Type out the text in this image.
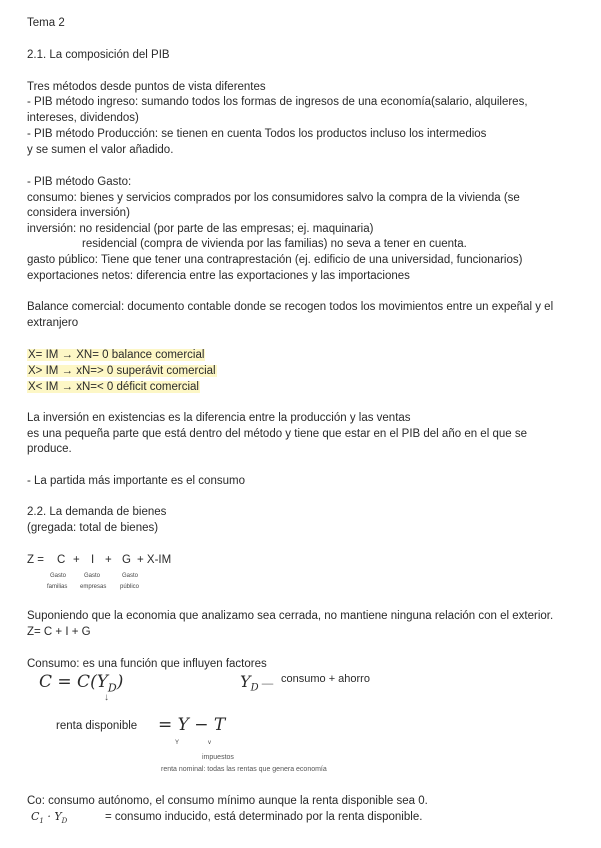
Tema 2
2.1. La composición del PIB
Tres métodos desde puntos de vista diferentes
- PIB método ingreso: sumando todos los formas de ingresos de una economía(salario, alquileres,
intereses, dividendos)
- PIB método Producción: se tienen en cuenta Todos los productos incluso los intermedios
y se sumen el valor añadido.
- PIB método Gasto:
consumo: bienes y servicios comprados por los consumidores salvo la compra de la vivienda (se
considera inversión)
inversión: no residencial (por parte de las empresas; ej. maquinaria)
residencial (compra de vivienda por las familias) no seva a tener en cuenta.
gasto público: Tiene que tener una contraprestación (ej. edificio de una universidad, funcionarios)
exportaciones netos: diferencia entre las exportaciones y las importaciones
Balance comercial: documento contable donde se recogen todos los movimientos entre un expeñal y el
extranjero
X= IM → XN= 0 balance comercial
X> IM → xN=> 0 superávit comercial
X< IM → xN=< 0 déficit comercial
La inversión en existencias es la diferencia entre la producción y las ventas
es una pequeña parte que está dentro del método y tiene que estar en el PIB del año en el que se
produce.
- La partida más importante es el consumo
2.2. La demanda de bienes
(gregada: total de bienes)
Z = C + I + G + X-IM
Gasto
familias
Gasto
empresas
Gasto
público
Suponiendo que la economia que analizamo sea cerrada, no mantiene ninguna relación con el exterior.
Z= C + I + G
Consumo: es una función que influyen factores
$C = C(Y_D)$	$Y_D$ — consumo + ahorro
↓
renta disponible = Y − T
Y	v
impuestos
renta nominal: todas las rentas que genera economía
Co: consumo autónomo, el consumo mínimo aunque la renta disponible sea 0.
$C_1 \cdot Y_D$	= consumo inducido, está determinado por la renta disponible.
